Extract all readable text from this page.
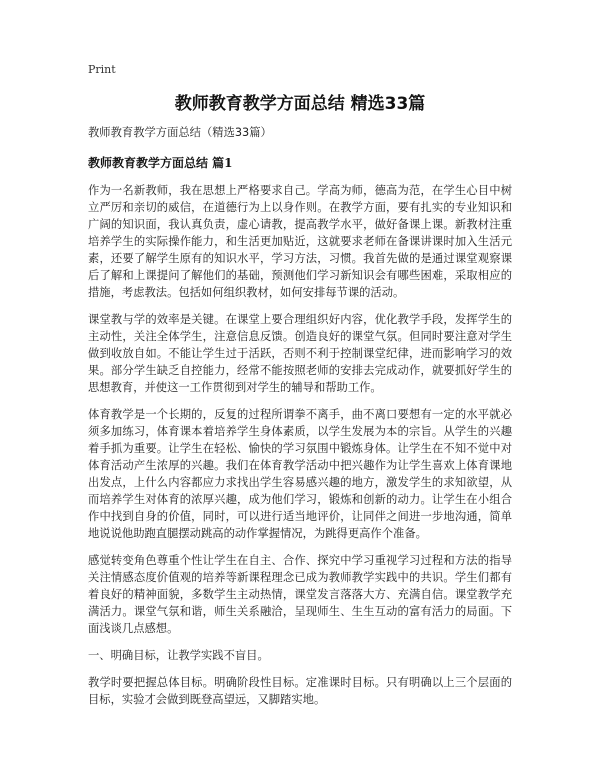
Print
教师教育教学方面总结 精选33篇

教师教育教学方面总结（精选33篇）

教师教育教学方面总结 篇1

作为一名新教师，我在思想上严格要求自己。学高为师，德高为范，在学生心目中树立严厉和亲切的威信，在道德行为上以身作则。在教学方面，要有扎实的专业知识和广阔的知识面，我认真负责，虚心请教，提高教学水平，做好备课上课。新教材注重培养学生的实际操作能力，和生活更加贴近，这就要求老师在备课讲课时加入生活元素，还要了解学生原有的知识水平，学习方法，习惯。我首先做的是通过课堂观察课后了解和上课提问了解他们的基础，预测他们学习新知识会有哪些困难，采取相应的措施，考虑教法。包括如何组织教材，如何安排每节课的活动。

课堂教与学的效率是关键。在课堂上要合理组织好内容，优化教学手段，发挥学生的主动性，关注全体学生，注意信息反馈。创造良好的课堂气氛。但同时要注意对学生做到收放自如。不能让学生过于活跃，否则不利于控制课堂纪律，进而影响学习的效果。部分学生缺乏自控能力，经常不能按照老师的安排去完成动作，就要抓好学生的思想教育，并使这一工作贯彻到对学生的辅导和帮助工作。

体育教学是一个长期的，反复的过程所谓拳不离手，曲不离口要想有一定的水平就必须多加练习，体育课本着培养学生身体素质，以学生发展为本的宗旨。从学生的兴趣着手抓为重要。让学生在轻松、愉快的学习氛围中锻炼身体。让学生在不知不觉中对体育活动产生浓厚的兴趣。我们在体育教学活动中把兴趣作为让学生喜欢上体育课地出发点，上什么内容都应力求找出学生容易感兴趣的地方，激发学生的求知欲望，从而培养学生对体育的浓厚兴趣，成为他们学习，锻炼和创新的动力。让学生在小组合作中找到自身的价值，同时，可以进行适当地评价，让同伴之间进一步地沟通，简单地说说他助跑直腿摆动跳高的动作掌握情况，为跳得更高作个准备。

感觉转变角色尊重个性让学生在自主、合作、探究中学习重视学习过程和方法的指导关注情感态度价值观的培养等新课程理念已成为教师教学实践中的共识。学生们都有着良好的精神面貌，多数学生主动热情，课堂发言落落大方、充满自信。课堂教学充满活力。课堂气氛和谐，师生关系融洽，呈现师生、生生互动的富有活力的局面。下面浅谈几点感想。

一、明确目标，让教学实践不盲目。

教学时要把握总体目标。明确阶段性目标。定准课时目标。只有明确以上三个层面的目标，实验才会做到既登高望远，又脚踏实地。
